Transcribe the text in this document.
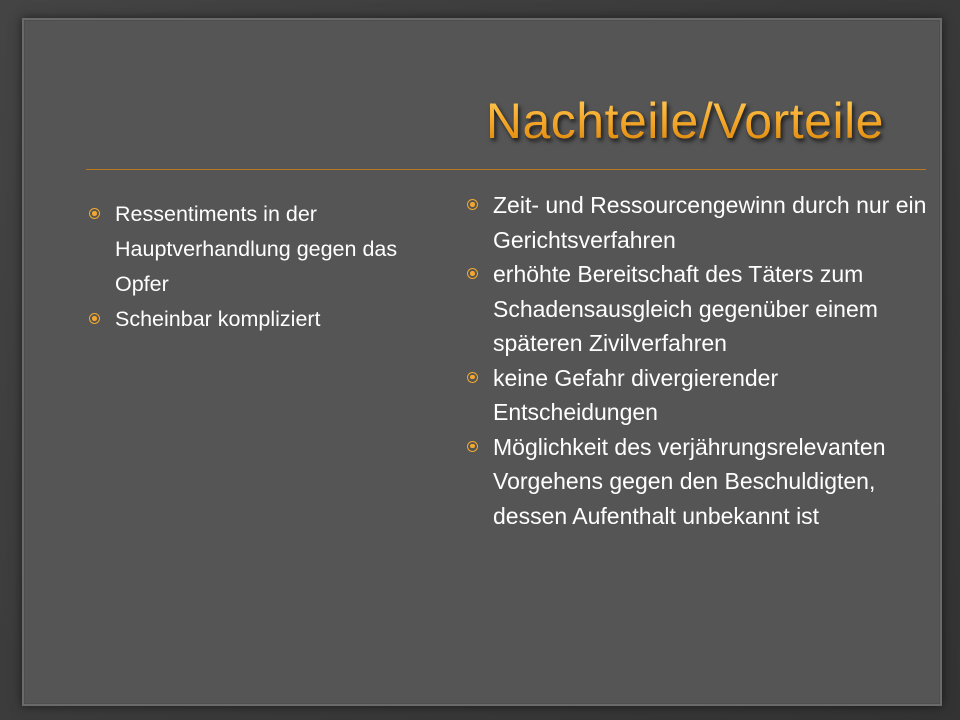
Nachteile/Vorteile
Ressentiments in der Hauptverhandlung gegen das Opfer
Scheinbar kompliziert
Zeit- und Ressourcengewinn durch nur ein Gerichtsverfahren
erhöhte Bereitschaft des Täters zum Schadensausgleich gegenüber einem späteren Zivilverfahren
keine Gefahr divergierender Entscheidungen
Möglichkeit des verjährungsrelevanten Vorgehens gegen den Beschuldigten, dessen Aufenthalt unbekannt ist
